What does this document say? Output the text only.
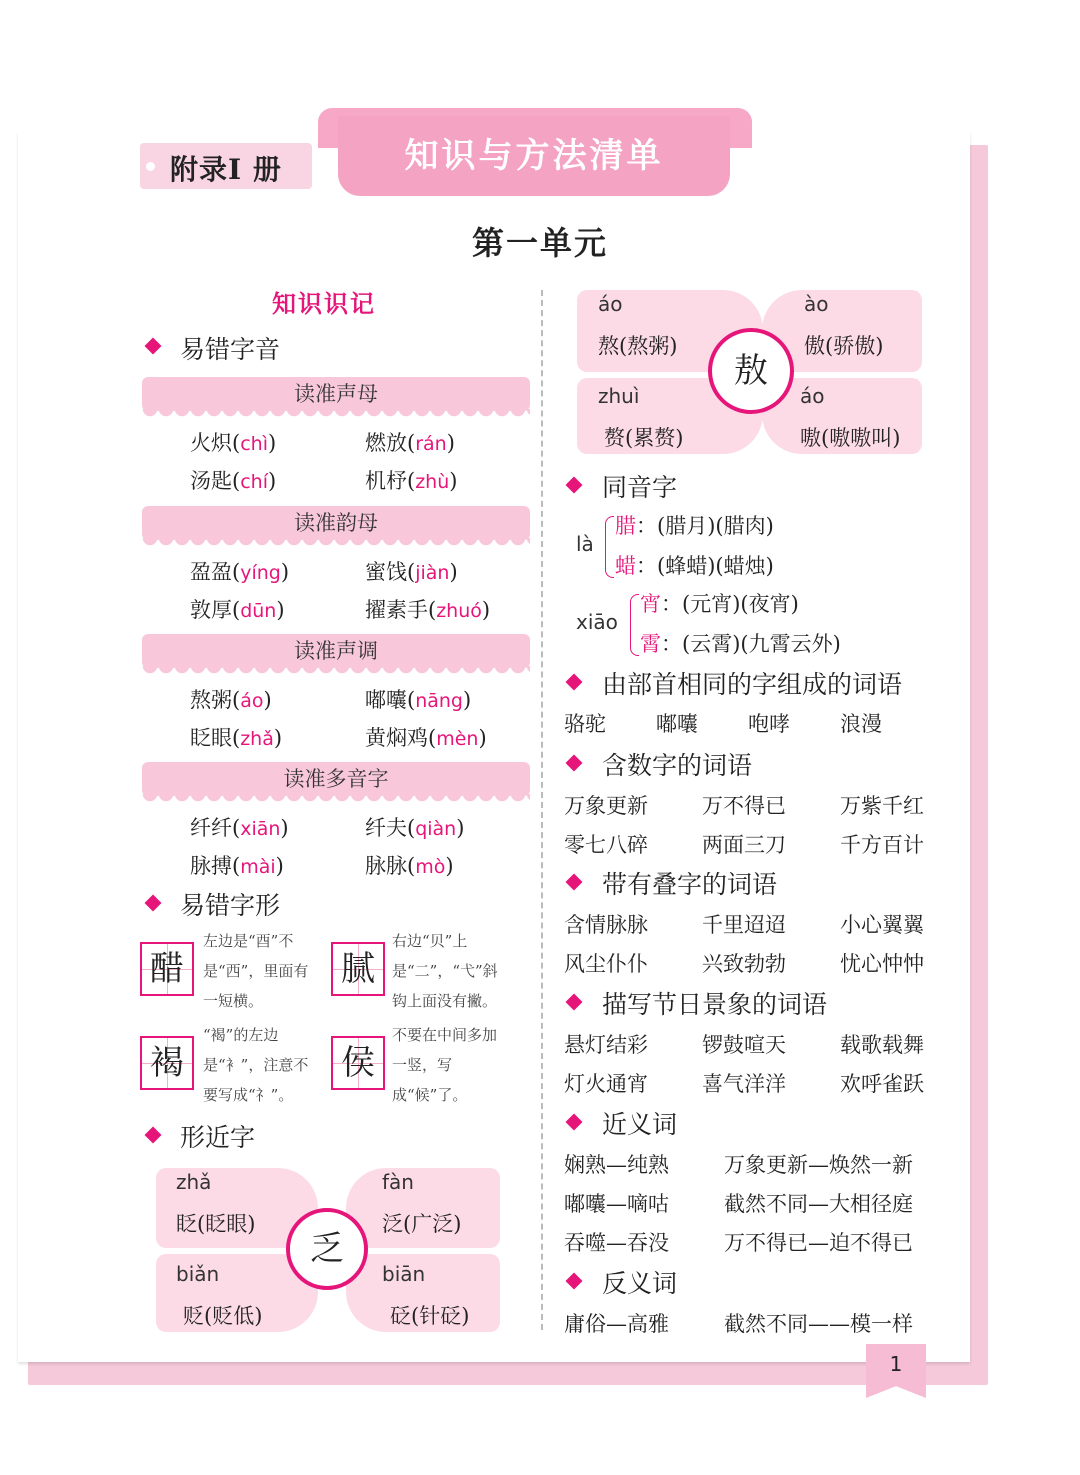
附录Ⅰ 册	知识与方法清单
第一单元
知识识记
易错字音
读准声母
火炽(chì)	燃放(rán)
汤匙(chí)	机杼(zhù)
读准韵母
盈盈(yíng)	蜜饯(jiàn)
敦厚(dūn)	擢素手(zhuó)
读准声调
熬粥(áo)	嘟囔(nāng)
眨眼(zhǎ)	黄焖鸡(mèn)
读准多音字
纤纤(xiān)	纤夫(qiàn)
脉搏(mài)	脉脉(mò)
易错字形
醋
左边是“酉”不是“西”，里面有一短横。
腻
右边“贝”上是“二”，“弋”斜钩上面没有撇。
褐
“褐”的左边是“衤”，注意不要写成“礻”。
侯
不要在中间多加一竖，写成“候”了。
形近字
zhǎ
眨(眨眼)
fàn
泛(广泛)
biǎn
贬(贬低)
biān
砭(针砭)
乏
áo
熬(熬粥)
ào
傲(骄傲)
zhuì
赘(累赘)
áo
嗷(嗷嗷叫)
敖
同音字
là
腊：(腊月)(腊肉)
蜡：(蜂蜡)(蜡烛)
xiāo
宵：(元宵)(夜宵)
霄：(云霄)(九霄云外)
由部首相同的字组成的词语
骆驼 嘟囔 咆哮 浪漫
含数字的词语
万象更新	万不得已	万紫千红
零七八碎	两面三刀	千方百计
带有叠字的词语
含情脉脉	千里迢迢	小心翼翼
风尘仆仆	兴致勃勃	忧心忡忡
描写节日景象的词语
悬灯结彩	锣鼓喧天	载歌载舞
灯火通宵	喜气洋洋	欢呼雀跃
近义词
娴熟—纯熟	万象更新—焕然一新
嘟囔—嘀咕	截然不同—大相径庭
吞噬—吞没	万不得已—迫不得已
反义词
庸俗—高雅	截然不同——模一样
1
